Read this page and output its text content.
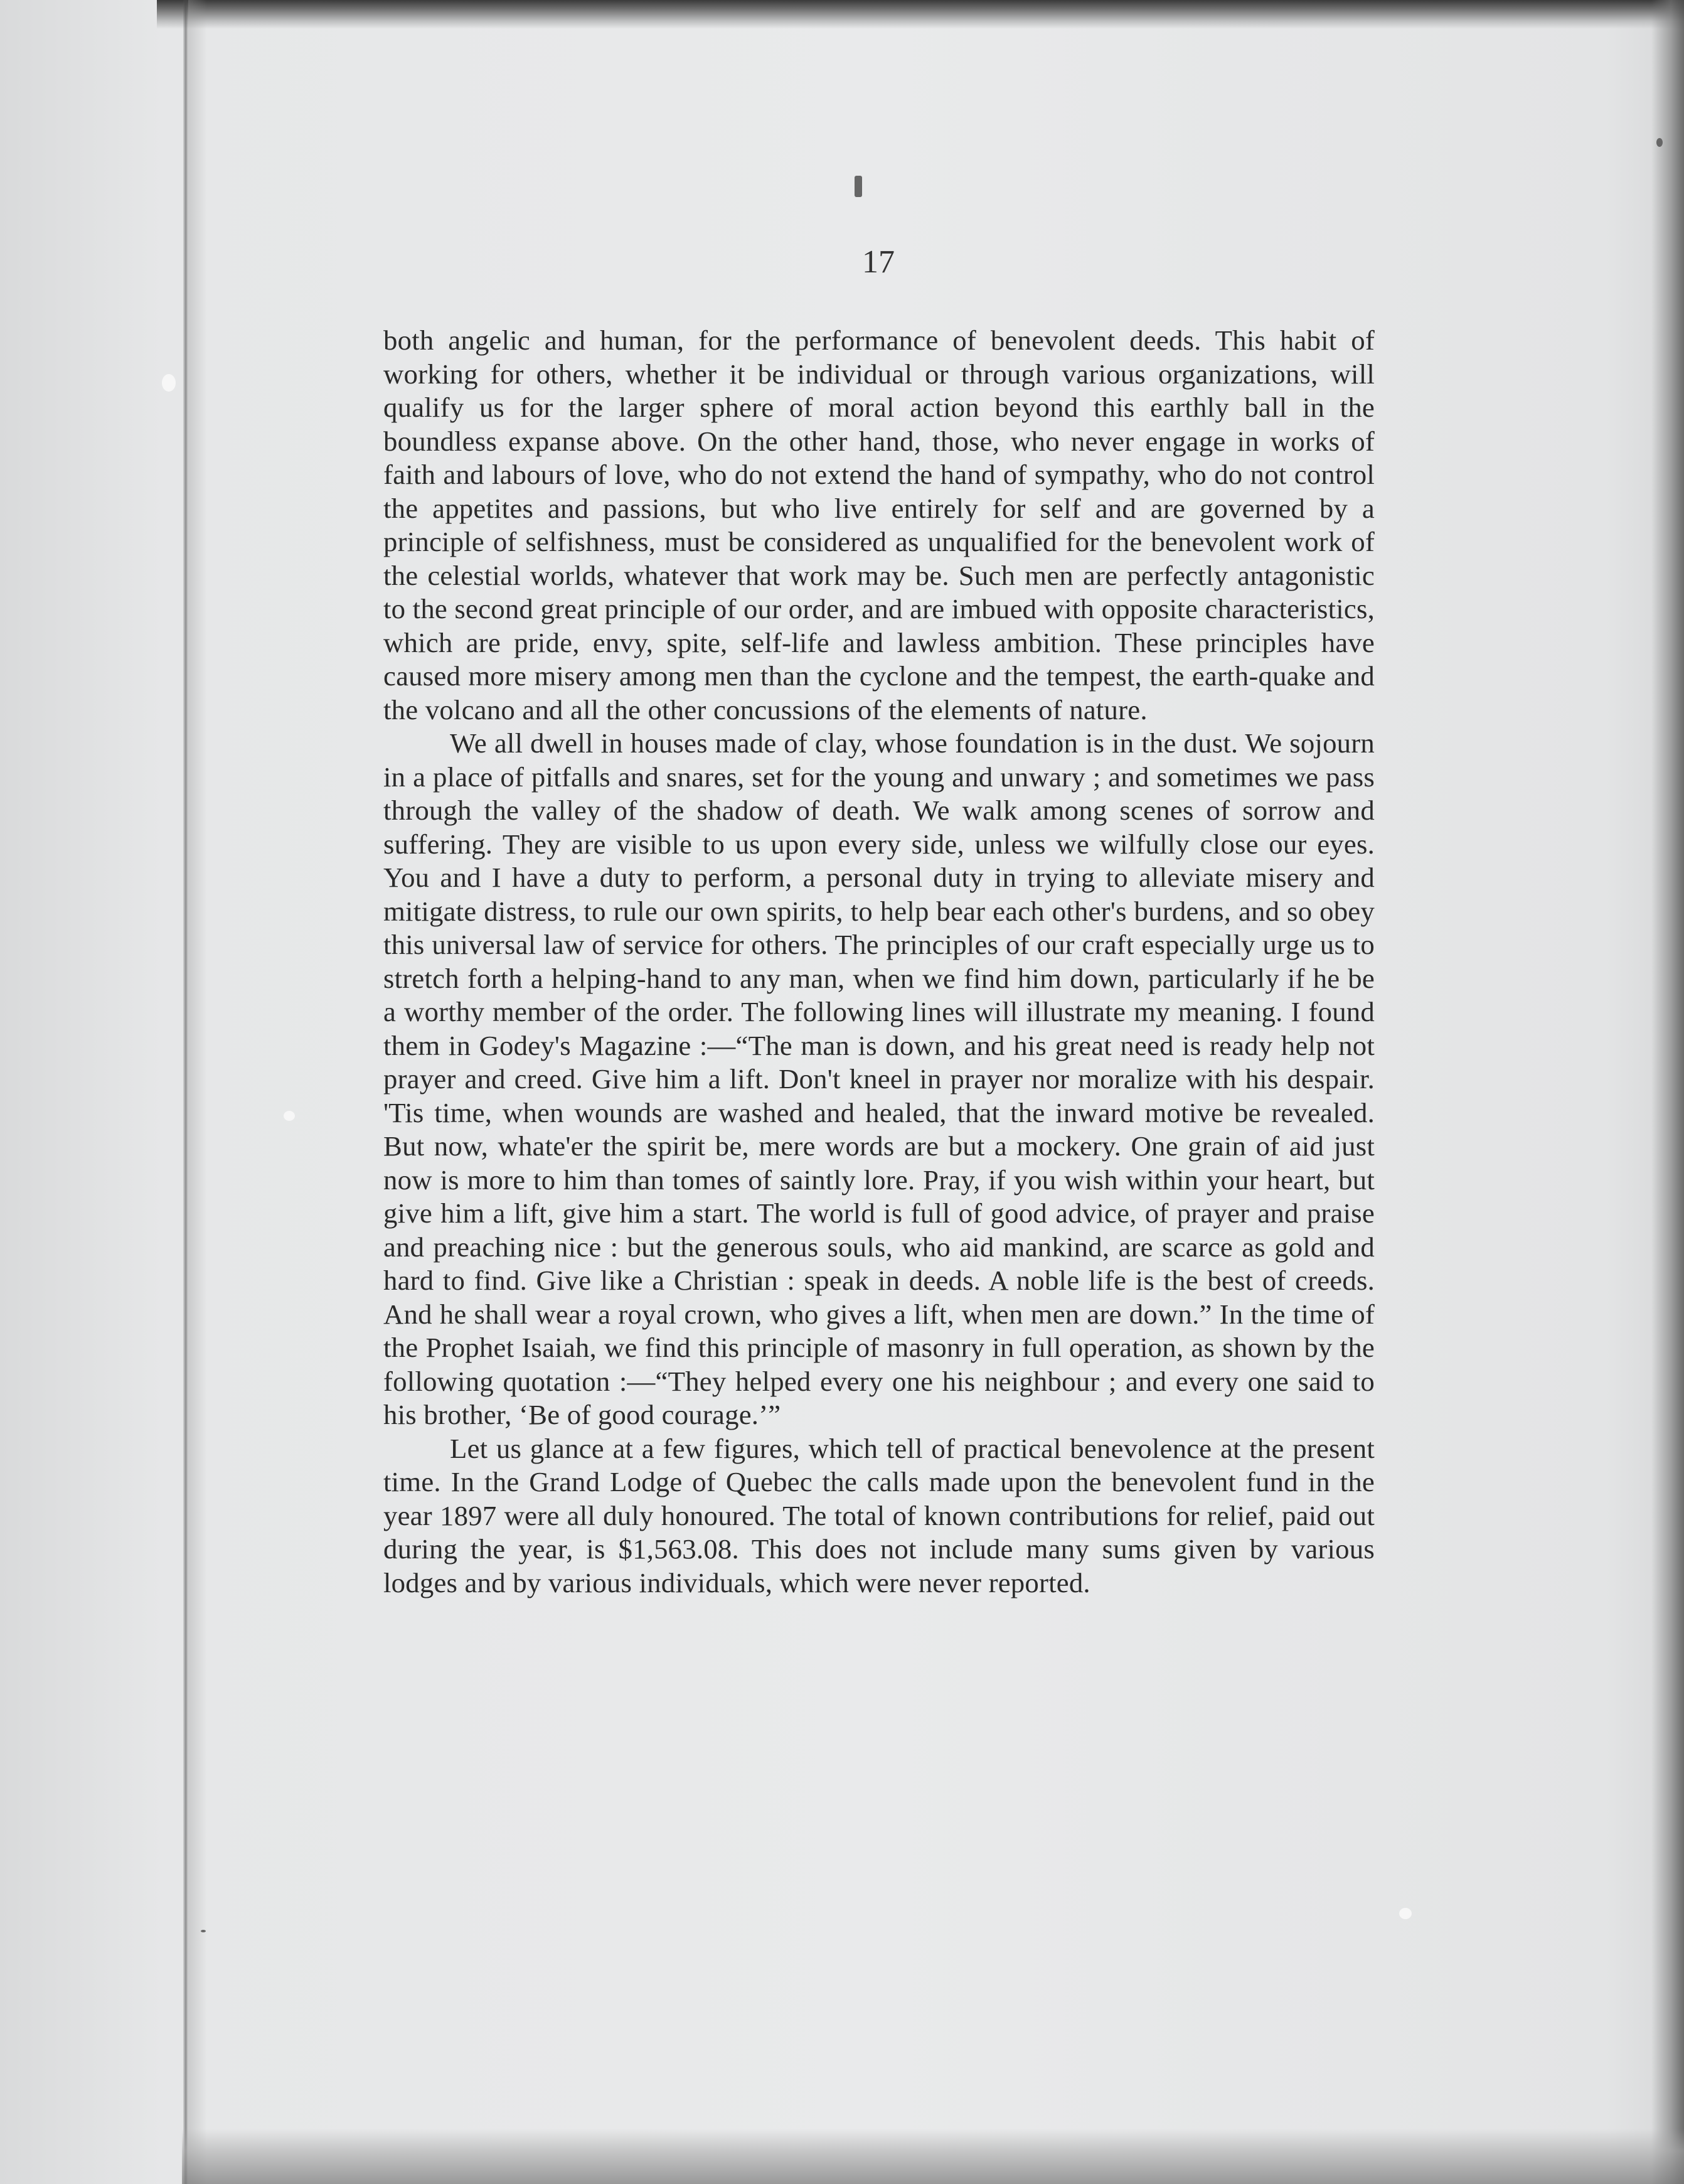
17

both angelic and human, for the performance of benevolent deeds. This habit of working for others, whether it be individual or through various organizations, will qualify us for the larger sphere of moral action beyond this earthly ball in the boundless expanse above. On the other hand, those, who never engage in works of faith and labours of love, who do not extend the hand of sympathy, who do not control the appetites and passions, but who live entirely for self and are governed by a principle of selfishness, must be considered as unqualified for the benevolent work of the celestial worlds, whatever that work may be. Such men are perfectly antagonistic to the second great principle of our order, and are imbued with opposite characteristics, which are pride, envy, spite, self-life and lawless ambition. These principles have caused more misery among men than the cyclone and the tempest, the earth-quake and the volcano and all the other concussions of the elements of nature.

We all dwell in houses made of clay, whose foundation is in the dust. We sojourn in a place of pitfalls and snares, set for the young and unwary ; and sometimes we pass through the valley of the shadow of death. We walk among scenes of sorrow and suffering. They are visible to us upon every side, unless we wilfully close our eyes. You and I have a duty to perform, a personal duty in trying to alleviate misery and mitigate distress, to rule our own spirits, to help bear each other's burdens, and so obey this universal law of service for others. The principles of our craft especially urge us to stretch forth a helping-hand to any man, when we find him down, particularly if he be a worthy member of the order. The following lines will illustrate my meaning. I found them in Godey's Magazine :—“The man is down, and his great need is ready help not prayer and creed. Give him a lift. Don't kneel in prayer nor moralize with his despair. 'Tis time, when wounds are washed and healed, that the inward motive be revealed. But now, whate'er the spirit be, mere words are but a mockery. One grain of aid just now is more to him than tomes of saintly lore. Pray, if you wish within your heart, but give him a lift, give him a start. The world is full of good advice, of prayer and praise and preaching nice : but the generous souls, who aid mankind, are scarce as gold and hard to find. Give like a Christian : speak in deeds. A noble life is the best of creeds. And he shall wear a royal crown, who gives a lift, when men are down.” In the time of the Prophet Isaiah, we find this principle of masonry in full operation, as shown by the following quotation :—“They helped every one his neighbour ; and every one said to his brother, ‘Be of good courage.’”

Let us glance at a few figures, which tell of practical benevolence at the present time. In the Grand Lodge of Quebec the calls made upon the benevolent fund in the year 1897 were all duly honoured. The total of known contributions for relief, paid out during the year, is $1,563.08. This does not include many sums given by various lodges and by various individuals, which were never reported.
